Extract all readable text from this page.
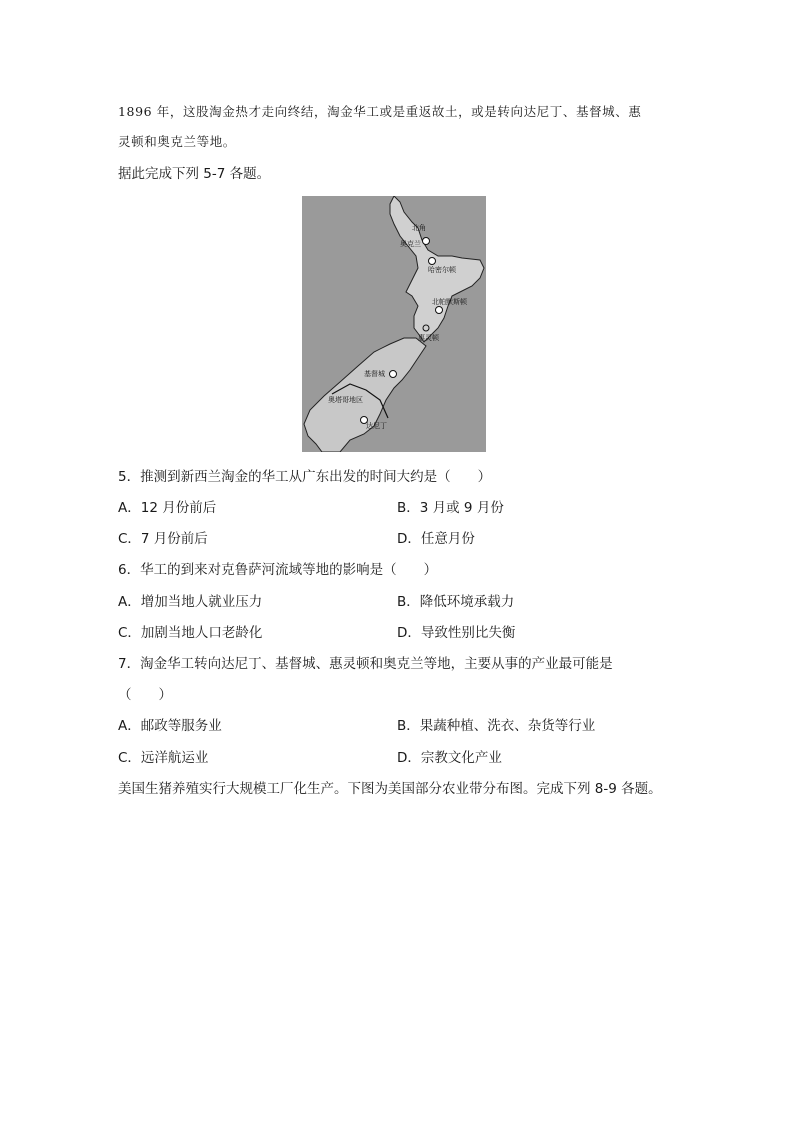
1896 年，这股淘金热才走向终结，淘金华工或是重返故土，或是转向达尼丁、基督城、惠
灵顿和奥克兰等地。
据此完成下列 5-7 各题。
北角
奥克兰
哈密尔顿
北帕默斯顿
惠灵顿
基督城
奥塔哥地区
达尼丁
5．推测到新西兰淘金的华工从广东出发的时间大约是（　　）
A．12 月份前后	B．3 月或 9 月份
C．7 月份前后	D．任意月份
6．华工的到来对克鲁萨河流域等地的影响是（　　）
A．增加当地人就业压力	B．降低环境承载力
C．加剧当地人口老龄化	D．导致性别比失衡
7．淘金华工转向达尼丁、基督城、惠灵顿和奥克兰等地，主要从事的产业最可能是
（　　）
A．邮政等服务业	B．果蔬种植、洗衣、杂货等行业
C．远洋航运业	D．宗教文化产业
美国生猪养殖实行大规模工厂化生产。下图为美国部分农业带分布图。完成下列 8-9 各题。
